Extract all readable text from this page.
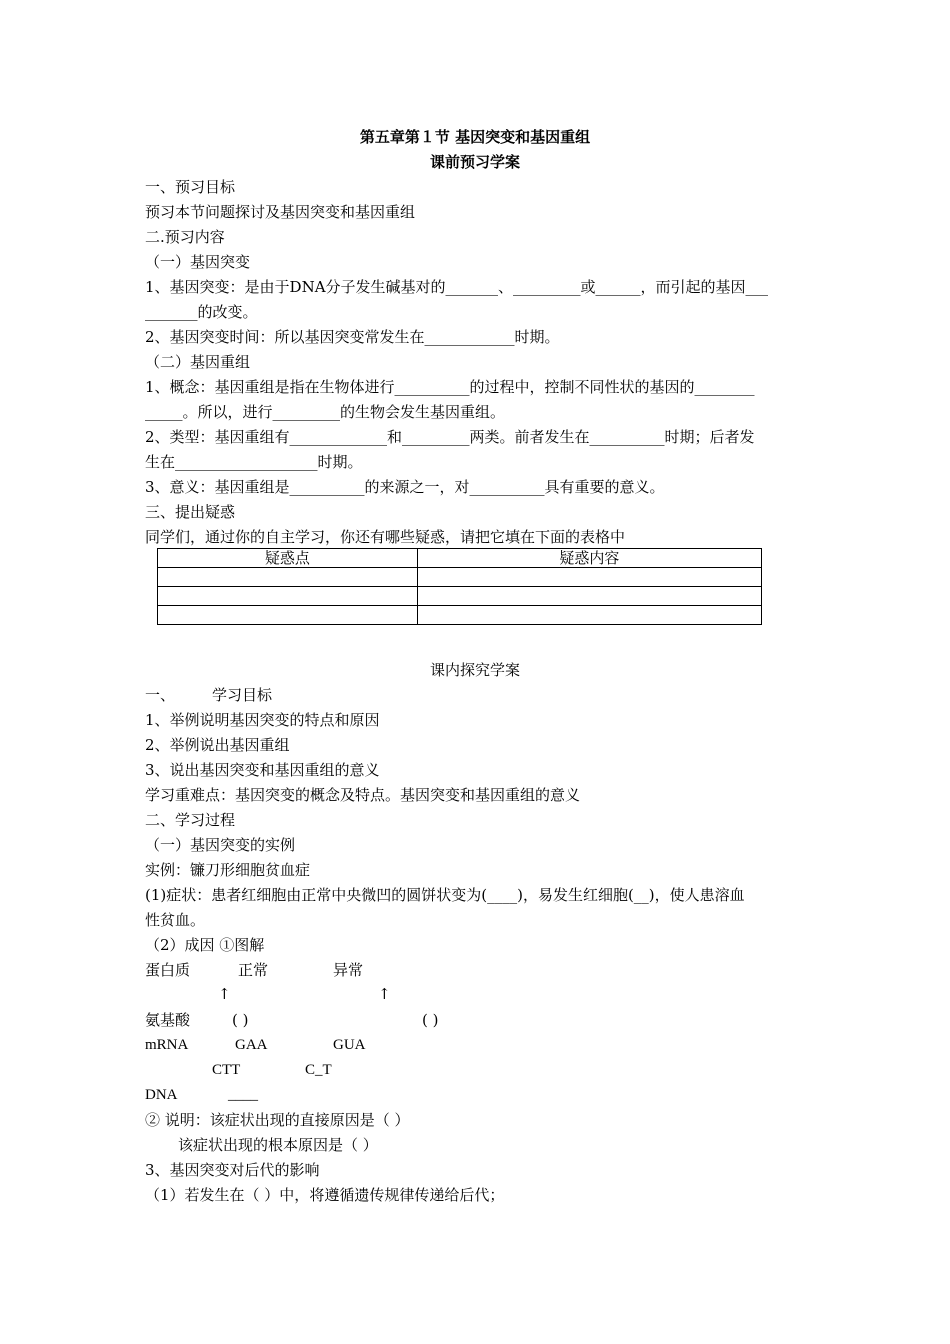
第五章第１节 基因突变和基因重组
课前预习学案
一、预习目标
预习本节问题探讨及基因突变和基因重组
二.预习内容
（一）基因突变
1、基因突变：是由于DNA分子发生碱基对的_______、_________或______，而引起的基因___
_______的改变。
2、基因突变时间：所以基因突变常发生在____________时期。
（二）基因重组
1、概念：基因重组是指在生物体进行__________的过程中，控制不同性状的基因的________
_____。所以，进行_________的生物会发生基因重组。
2、类型：基因重组有_____________和_________两类。前者发生在__________时期；后者发
生在___________________时期。
3、意义：基因重组是__________的来源之一，对__________具有重要的意义。
三、提出疑惑
同学们，通过你的自主学习，你还有哪些疑惑，请把它填在下面的表格中
疑惑点	疑惑内容

课内探究学案
一、 学习目标
1、举例说明基因突变的特点和原因
2、举例说出基因重组
3、说出基因突变和基因重组的意义
学习重难点：基因突变的概念及特点。基因突变和基因重组的意义
二、学习过程
（一）基因突变的实例
实例：镰刀形细胞贫血症
(1)症状：患者红细胞由正常中央微凹的圆饼状变为(____)，易发生红细胞(__)，使人患溶血
性贫血。
（2）成因 ①图解
蛋白质	正常	异常
↑	↑
氨基酸	( )	( )
mRNA	GAA	GUA
CTT	C_T
DNA	____
② 说明：该症状出现的直接原因是（ ）
该症状出现的根本原因是（ ）
3、基因突变对后代的影响
（1）若发生在（ ）中，将遵循遗传规律传递给后代；
